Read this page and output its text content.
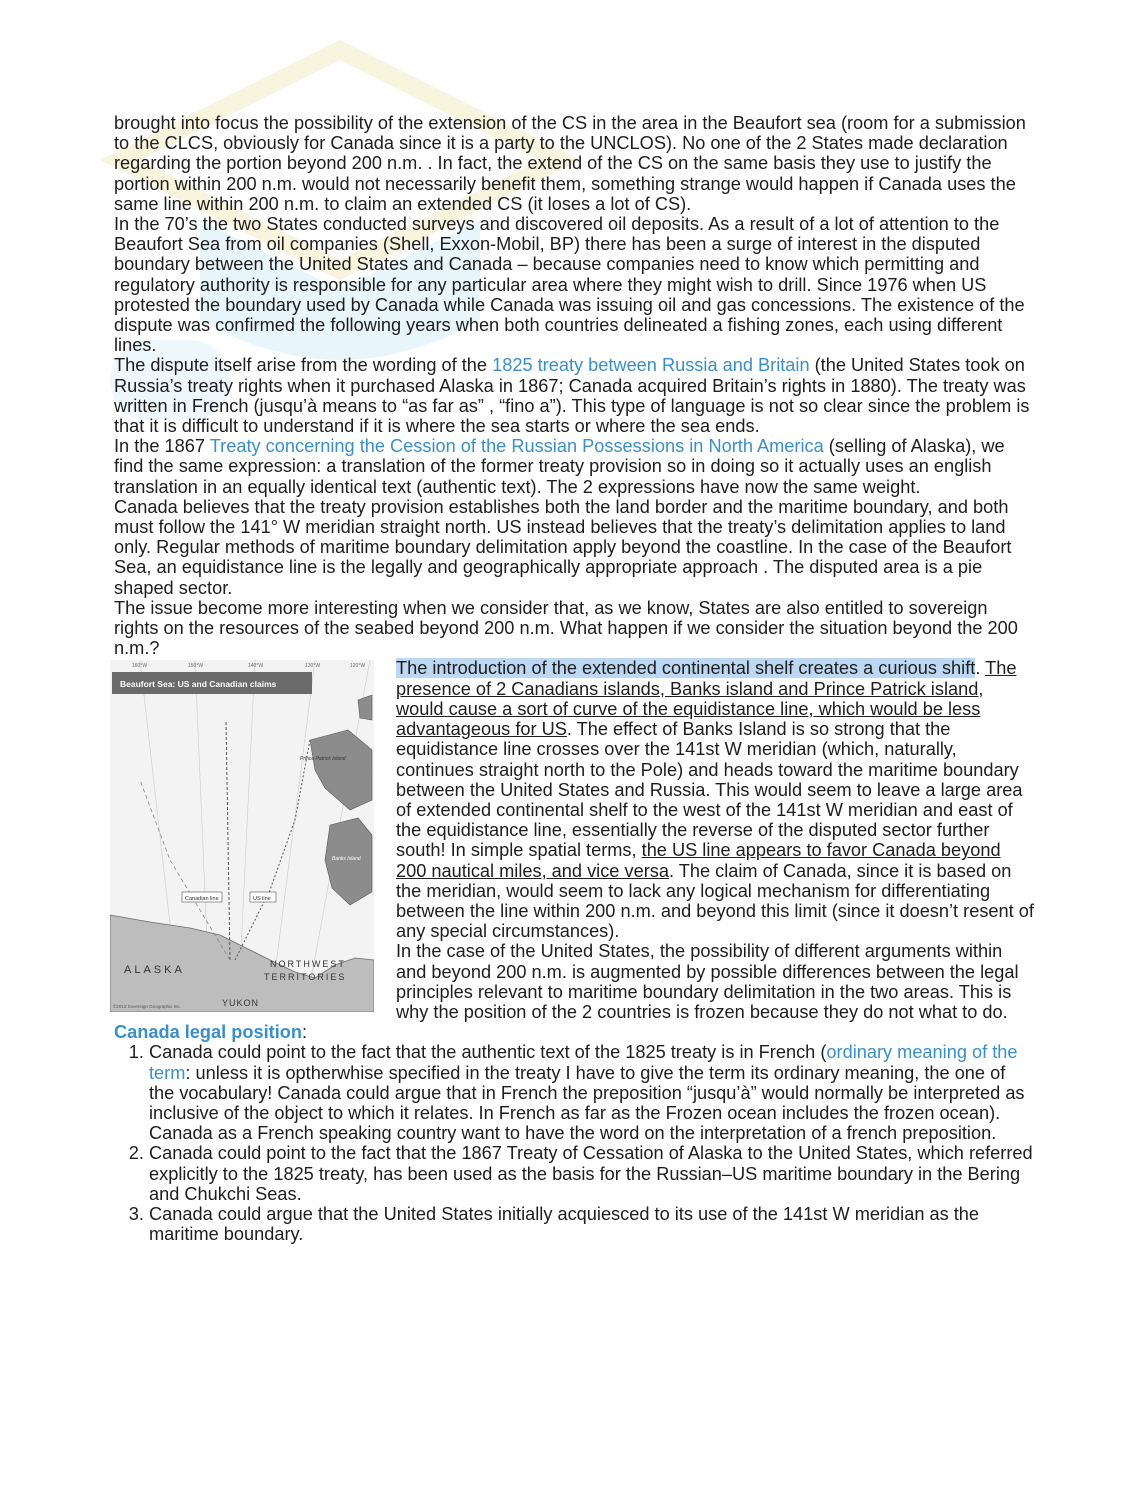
brought into focus the possibility of the extension of the CS in the area in the Beaufort sea (room for a submission to the CLCS, obviously for Canada since it is a party to the UNCLOS). No one of the 2 States made declaration regarding the portion beyond 200 n.m. . In fact, the extend of the CS on the same basis they use to justify the portion within 200 n.m. would not necessarily benefit them, something strange would happen if Canada uses the same line within 200 n.m. to claim an extended CS (it loses a lot of CS).

In the 70’s the two States conducted surveys and discovered oil deposits. As a result of a lot of attention to the Beaufort Sea from oil companies (Shell, Exxon-Mobil, BP) there has been a surge of interest in the disputed boundary between the United States and Canada – because companies need to know which permitting and regulatory authority is responsible for any particular area where they might wish to drill. Since 1976 when US protested the boundary used by Canada while Canada was issuing oil and gas concessions. The existence of the dispute was confirmed the following years when both countries delineated a fishing zones, each using different lines.

The dispute itself arise from the wording of the 1825 treaty between Russia and Britain (the United States took on Russia’s treaty rights when it purchased Alaska in 1867; Canada acquired Britain’s rights in 1880). The treaty was written in French (jusqu’à means to “as far as” , “fino a”). This type of language is not so clear since the problem is that it is difficult to understand if it is where the sea starts or where the sea ends.

In the 1867 Treaty concerning the Cession of the Russian Possessions in North America (selling of Alaska), we find the same expression: a translation of the former treaty provision so in doing so it actually uses an english translation in an equally identical text (authentic text). The 2 expressions have now the same weight.

Canada believes that the treaty provision establishes both the land border and the maritime boundary, and both must follow the 141° W meridian straight north. US instead believes that the treaty’s delimitation applies to land only. Regular methods of maritime boundary delimitation apply beyond the coastline. In the case of the Beaufort Sea, an equidistance line is the legally and geographically appropriate approach . The disputed area is a pie shaped sector.

The issue become more interesting when we consider that, as we know, States are also entitled to sovereign rights on the resources of the seabed beyond 200 n.m. What happen if we consider the situation beyond the 200 n.m.?

160°W	150°W	140°W	130°W	120°W
Beaufort Sea: US and Canadian claims
Canadian line	US line
Prince Patrick Island
Banks Island
ALASKA	NORTHWEST
TERRITORIES
YUKON
©2013 Sovereign Geographic Inc.

The introduction of the extended continental shelf creates a curious shift. The presence of 2 Canadians islands, Banks island and Prince Patrick island, would cause a sort of curve of the equidistance line, which would be less advantageous for US. The effect of Banks Island is so strong that the equidistance line crosses over the 141st W meridian (which, naturally, continues straight north to the Pole) and heads toward the maritime boundary between the United States and Russia. This would seem to leave a large area of extended continental shelf to the west of the 141st W meridian and east of the equidistance line, essentially the reverse of the disputed sector further south! In simple spatial terms, the US line appears to favor Canada beyond 200 nautical miles, and vice versa. The claim of Canada, since it is based on the meridian, would seem to lack any logical mechanism for differentiating between the line within 200 n.m. and beyond this limit (since it doesn’t resent of any special circumstances).

In the case of the United States, the possibility of different arguments within and beyond 200 n.m. is augmented by possible differences between the legal principles relevant to maritime boundary delimitation in the two areas. This is why the position of the 2 countries is frozen because they do not what to do.

Canada legal position:

1. Canada could point to the fact that the authentic text of the 1825 treaty is in French (ordinary meaning of the term: unless it is optherwhise specified in the treaty I have to give the term its ordinary meaning, the one of the vocabulary! Canada could argue that in French the preposition “jusqu’à” would normally be interpreted as inclusive of the object to which it relates. In French as far as the Frozen ocean includes the frozen ocean). Canada as a French speaking country want to have the word on the interpretation of a french preposition.
2. Canada could point to the fact that the 1867 Treaty of Cessation of Alaska to the United States, which referred explicitly to the 1825 treaty, has been used as the basis for the Russian–US maritime boundary in the Bering and Chukchi Seas.
3. Canada could argue that the United States initially acquiesced to its use of the 141st W meridian as the maritime boundary.
